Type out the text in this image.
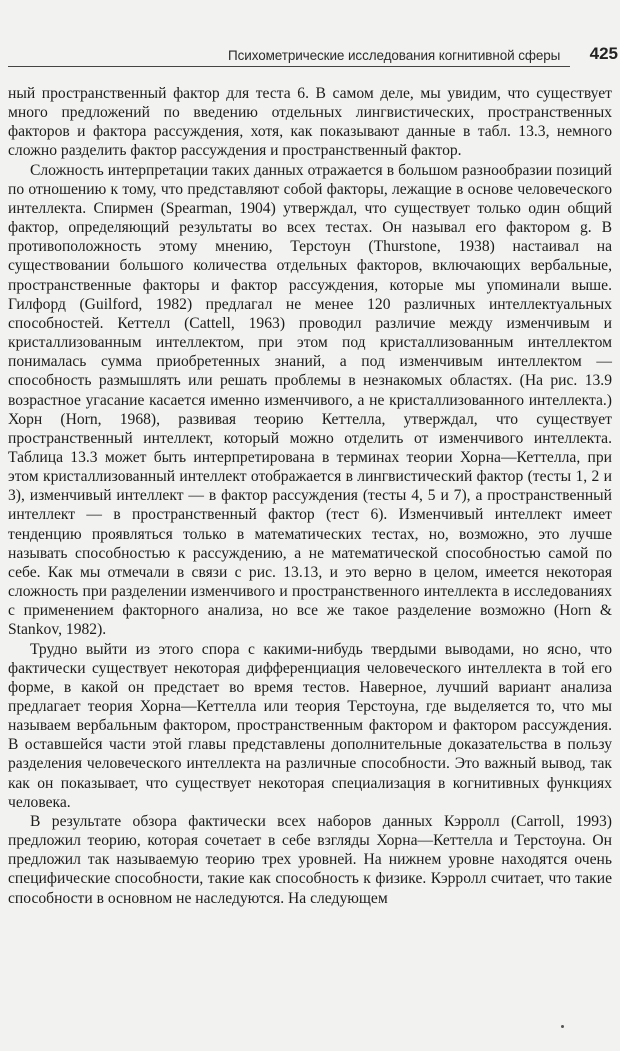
Психометрические исследования когнитивной сферы 425

ный пространственный фактор для теста 6. В самом деле, мы увидим, что существует много предложений по введению отдельных лингвистических, пространственных факторов и фактора рассуждения, хотя, как показывают данные в табл. 13.3, немного сложно разделить фактор рассуждения и пространственный фактор.

Сложность интерпретации таких данных отражается в большом разнообразии позиций по отношению к тому, что представляют собой факторы, лежащие в основе человеческого интеллекта. Спирмен (Spearman, 1904) утверждал, что существует только один общий фактор, определяющий результаты во всех тестах. Он называл его фактором g. В противоположность этому мнению, Терстоун (Thurstone, 1938) настаивал на существовании большого количества отдельных факторов, включающих вербальные, пространственные факторы и фактор рассуждения, которые мы упоминали выше. Гилфорд (Guilford, 1982) предлагал не менее 120 различных интеллектуальных способностей. Кеттелл (Cattell, 1963) проводил различие между изменчивым и кристаллизованным интеллектом, при этом под кристаллизованным интеллектом понималась сумма приобретенных знаний, а под изменчивым интеллектом — способность размышлять или решать проблемы в незнакомых областях. (На рис. 13.9 возрастное угасание касается именно изменчивого, а не кристаллизованного интеллекта.) Хорн (Horn, 1968), развивая теорию Кеттелла, утверждал, что существует пространственный интеллект, который можно отделить от изменчивого интеллекта. Таблица 13.3 может быть интерпретирована в терминах теории Хорна—Кеттелла, при этом кристаллизованный интеллект отображается в лингвистический фактор (тесты 1, 2 и 3), изменчивый интеллект — в фактор рассуждения (тесты 4, 5 и 7), а пространственный интеллект — в пространственный фактор (тест 6). Изменчивый интеллект имеет тенденцию проявляться только в математических тестах, но, возможно, это лучше называть способностью к рассуждению, а не математической способностью самой по себе. Как мы отмечали в связи с рис. 13.13, и это верно в целом, имеется некоторая сложность при разделении изменчивого и пространственного интеллекта в исследованиях с применением факторного анализа, но все же такое разделение возможно (Horn & Stankov, 1982).

Трудно выйти из этого спора с какими-нибудь твердыми выводами, но ясно, что фактически существует некоторая дифференциация человеческого интеллекта в той его форме, в какой он предстает во время тестов. Наверное, лучший вариант анализа предлагает теория Хорна—Кеттелла или теория Терстоуна, где выделяется то, что мы называем вербальным фактором, пространственным фактором и фактором рассуждения. В оставшейся части этой главы представлены дополнительные доказательства в пользу разделения человеческого интеллекта на различные способности. Это важный вывод, так как он показывает, что существует некоторая специализация в когнитивных функциях человека.

В результате обзора фактически всех наборов данных Кэрролл (Carroll, 1993) предложил теорию, которая сочетает в себе взгляды Хорна—Кеттелла и Терстоуна. Он предложил так называемую теорию трех уровней. На нижнем уровне находятся очень специфические способности, такие как способность к физике. Кэрролл считает, что такие способности в основном не наследуются. На следующем
